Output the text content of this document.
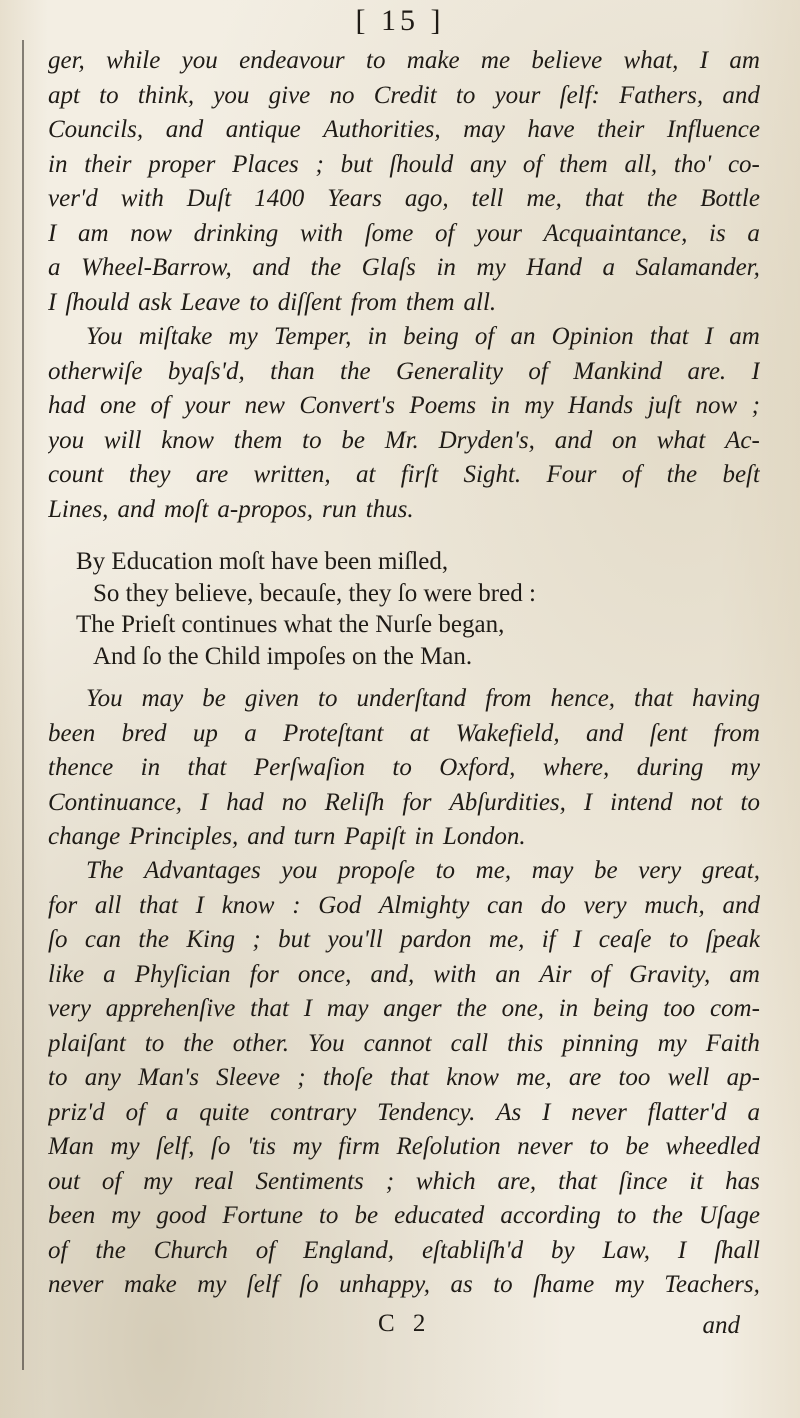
[ 15 ]
ger, while you endeavour to make me believe what, I am
apt to think, you give no Credit to your ſelf: Fathers, and
Councils, and antique Authorities, may have their Influence
in their proper Places ; but ſhould any of them all, tho' co-
ver'd with Duſt 1400 Years ago, tell me, that the Bottle
I am now drinking with ſome of your Acquaintance, is a
a Wheel-Barrow, and the Glaſs in my Hand a Salamander,
I ſhould ask Leave to diſſent from them all.
You miſtake my Temper, in being of an Opinion that I am
otherwiſe byaſs'd, than the Generality of Mankind are. I
had one of your new Convert's Poems in my Hands juſt now ;
you will know them to be Mr. Dryden's, and on what Ac-
count they are written, at firſt Sight. Four of the beſt
Lines, and moſt a-propos, run thus.
By Education moſt have been miſled,
So they believe, becauſe, they ſo were bred :
The Prieſt continues what the Nurſe began,
And ſo the Child impoſes on the Man.
You may be given to underſtand from hence, that having
been bred up a Proteſtant at Wakefield, and ſent from
thence in that Perſwaſion to Oxford, where, during my
Continuance, I had no Reliſh for Abſurdities, I intend not to
change Principles, and turn Papiſt in London.
The Advantages you propoſe to me, may be very great,
for all that I know : God Almighty can do very much, and
ſo can the King ; but you'll pardon me, if I ceaſe to ſpeak
like a Phyſician for once, and, with an Air of Gravity, am
very apprehenſive that I may anger the one, in being too com-
plaiſant to the other. You cannot call this pinning my Faith
to any Man's Sleeve ; thoſe that know me, are too well ap-
priz'd of a quite contrary Tendency. As I never flatter'd a
Man my ſelf, ſo 'tis my firm Reſolution never to be wheedled
out of my real Sentiments ; which are, that ſince it has
been my good Fortune to be educated according to the Uſage
of the Church of England, eſtabliſh'd by Law, I ſhall
never make my ſelf ſo unhappy, as to ſhame my Teachers,
C 2	and
